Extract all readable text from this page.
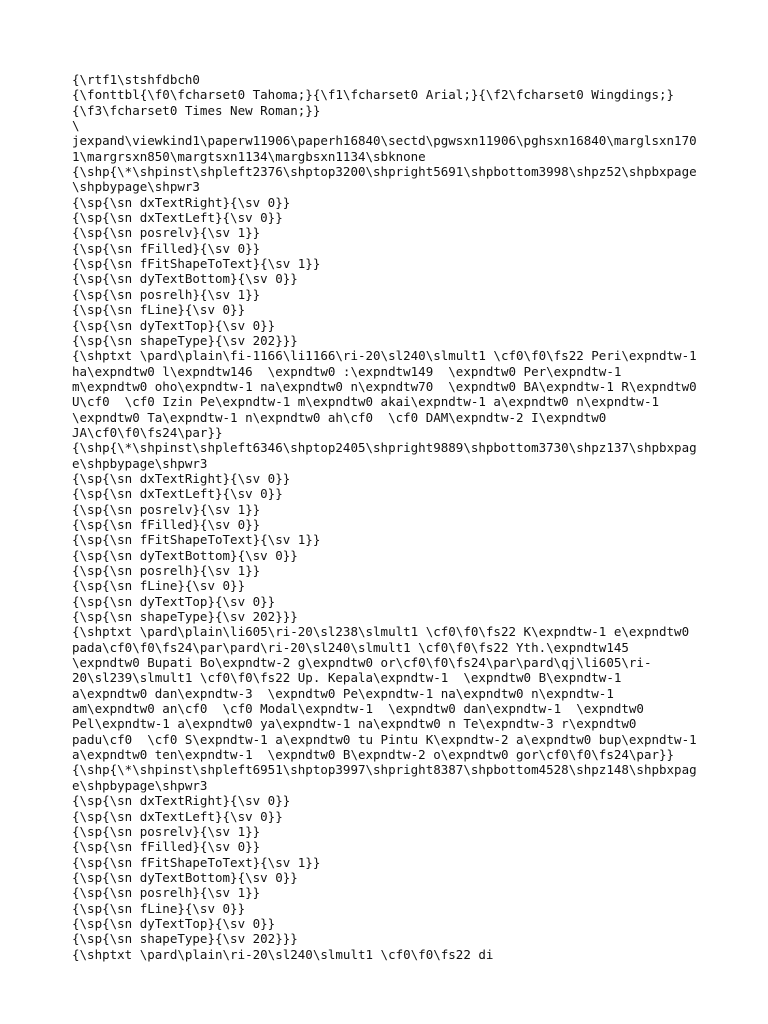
{\rtf1\stshfdbch0
{\fonttbl{\f0\fcharset0 Tahoma;}{\f1\fcharset0 Arial;}{\f2\fcharset0 Wingdings;}
{\f3\fcharset0 Times New Roman;}}
\
jexpand\viewkind1\paperw11906\paperh16840\sectd\pgwsxn11906\pghsxn16840\marglsxn170
1\margrsxn850\margtsxn1134\margbsxn1134\sbknone
{\shp{\*\shpinst\shpleft2376\shptop3200\shpright5691\shpbottom3998\shpz52\shpbxpage
\shpbypage\shpwr3
{\sp{\sn dxTextRight}{\sv 0}}
{\sp{\sn dxTextLeft}{\sv 0}}
{\sp{\sn posrelv}{\sv 1}}
{\sp{\sn fFilled}{\sv 0}}
{\sp{\sn fFitShapeToText}{\sv 1}}
{\sp{\sn dyTextBottom}{\sv 0}}
{\sp{\sn posrelh}{\sv 1}}
{\sp{\sn fLine}{\sv 0}}
{\sp{\sn dyTextTop}{\sv 0}}
{\sp{\sn shapeType}{\sv 202}}}
{\shptxt \pard\plain\fi-1166\li1166\ri-20\sl240\slmult1 \cf0\f0\fs22 Peri\expndtw-1
ha\expndtw0 l\expndtw146  \expndtw0 :\expndtw149  \expndtw0 Per\expndtw-1
m\expndtw0 oho\expndtw-1 na\expndtw0 n\expndtw70  \expndtw0 BA\expndtw-1 R\expndtw0
U\cf0  \cf0 Izin Pe\expndtw-1 m\expndtw0 akai\expndtw-1 a\expndtw0 n\expndtw-1
\expndtw0 Ta\expndtw-1 n\expndtw0 ah\cf0  \cf0 DAM\expndtw-2 I\expndtw0
JA\cf0\f0\fs24\par}}
{\shp{\*\shpinst\shpleft6346\shptop2405\shpright9889\shpbottom3730\shpz137\shpbxpag
e\shpbypage\shpwr3
{\sp{\sn dxTextRight}{\sv 0}}
{\sp{\sn dxTextLeft}{\sv 0}}
{\sp{\sn posrelv}{\sv 1}}
{\sp{\sn fFilled}{\sv 0}}
{\sp{\sn fFitShapeToText}{\sv 1}}
{\sp{\sn dyTextBottom}{\sv 0}}
{\sp{\sn posrelh}{\sv 1}}
{\sp{\sn fLine}{\sv 0}}
{\sp{\sn dyTextTop}{\sv 0}}
{\sp{\sn shapeType}{\sv 202}}}
{\shptxt \pard\plain\li605\ri-20\sl238\slmult1 \cf0\f0\fs22 K\expndtw-1 e\expndtw0
pada\cf0\f0\fs24\par\pard\ri-20\sl240\slmult1 \cf0\f0\fs22 Yth.\expndtw145
\expndtw0 Bupati Bo\expndtw-2 g\expndtw0 or\cf0\f0\fs24\par\pard\qj\li605\ri-
20\sl239\slmult1 \cf0\f0\fs22 Up. Kepala\expndtw-1  \expndtw0 B\expndtw-1
a\expndtw0 dan\expndtw-3  \expndtw0 Pe\expndtw-1 na\expndtw0 n\expndtw-1
am\expndtw0 an\cf0  \cf0 Modal\expndtw-1  \expndtw0 dan\expndtw-1  \expndtw0
Pel\expndtw-1 a\expndtw0 ya\expndtw-1 na\expndtw0 n Te\expndtw-3 r\expndtw0
padu\cf0  \cf0 S\expndtw-1 a\expndtw0 tu Pintu K\expndtw-2 a\expndtw0 bup\expndtw-1
a\expndtw0 ten\expndtw-1  \expndtw0 B\expndtw-2 o\expndtw0 gor\cf0\f0\fs24\par}}
{\shp{\*\shpinst\shpleft6951\shptop3997\shpright8387\shpbottom4528\shpz148\shpbxpag
e\shpbypage\shpwr3
{\sp{\sn dxTextRight}{\sv 0}}
{\sp{\sn dxTextLeft}{\sv 0}}
{\sp{\sn posrelv}{\sv 1}}
{\sp{\sn fFilled}{\sv 0}}
{\sp{\sn fFitShapeToText}{\sv 1}}
{\sp{\sn dyTextBottom}{\sv 0}}
{\sp{\sn posrelh}{\sv 1}}
{\sp{\sn fLine}{\sv 0}}
{\sp{\sn dyTextTop}{\sv 0}}
{\sp{\sn shapeType}{\sv 202}}}
{\shptxt \pard\plain\ri-20\sl240\slmult1 \cf0\f0\fs22 di
